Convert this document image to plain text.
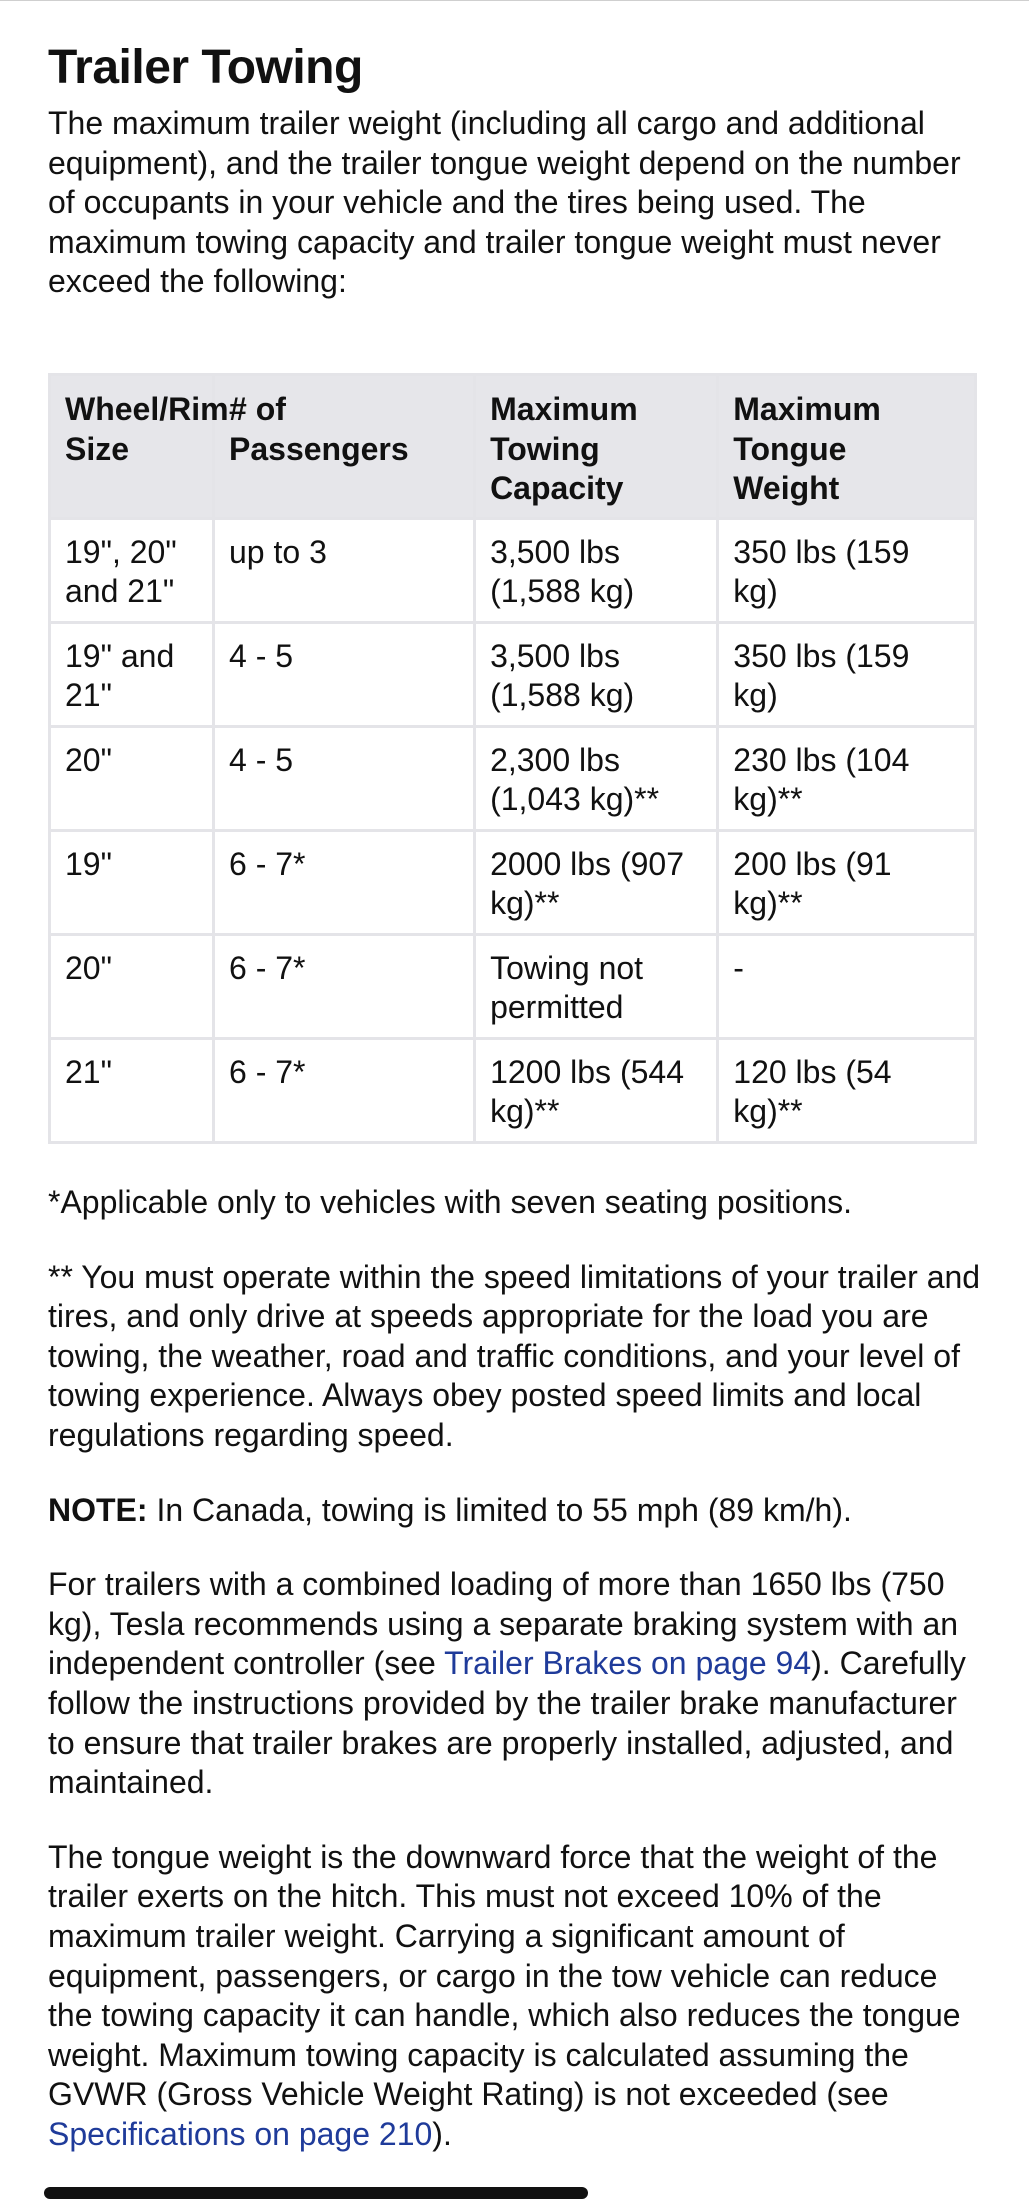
Trailer Towing

The maximum trailer weight (including all cargo and additional equipment), and the trailer tongue weight depend on the number of occupants in your vehicle and the tires being used. The maximum towing capacity and trailer tongue weight must never exceed the following:

Wheel/Rim Size	# of Passengers	Maximum Towing Capacity	Maximum Tongue Weight
19", 20" and 21"	up to 3	3,500 lbs (1,588 kg)	350 lbs (159 kg)
19" and 21"	4 - 5	3,500 lbs (1,588 kg)	350 lbs (159 kg)
20"	4 - 5	2,300 lbs (1,043 kg)**	230 lbs (104 kg)**
19"	6 - 7*	2000 lbs (907 kg)**	200 lbs (91 kg)**
20"	6 - 7*	Towing not permitted	-
21"	6 - 7*	1200 lbs (544 kg)**	120 lbs (54 kg)**

*Applicable only to vehicles with seven seating positions.

** You must operate within the speed limitations of your trailer and tires, and only drive at speeds appropriate for the load you are towing, the weather, road and traffic conditions, and your level of towing experience. Always obey posted speed limits and local regulations regarding speed.

NOTE: In Canada, towing is limited to 55 mph (89 km/h).

For trailers with a combined loading of more than 1650 lbs (750 kg), Tesla recommends using a separate braking system with an independent controller (see Trailer Brakes on page 94). Carefully follow the instructions provided by the trailer brake manufacturer to ensure that trailer brakes are properly installed, adjusted, and maintained.

The tongue weight is the downward force that the weight of the trailer exerts on the hitch. This must not exceed 10% of the maximum trailer weight. Carrying a significant amount of equipment, passengers, or cargo in the tow vehicle can reduce the towing capacity it can handle, which also reduces the tongue weight. Maximum towing capacity is calculated assuming the GVWR (Gross Vehicle Weight Rating) is not exceeded (see Specifications on page 210).
